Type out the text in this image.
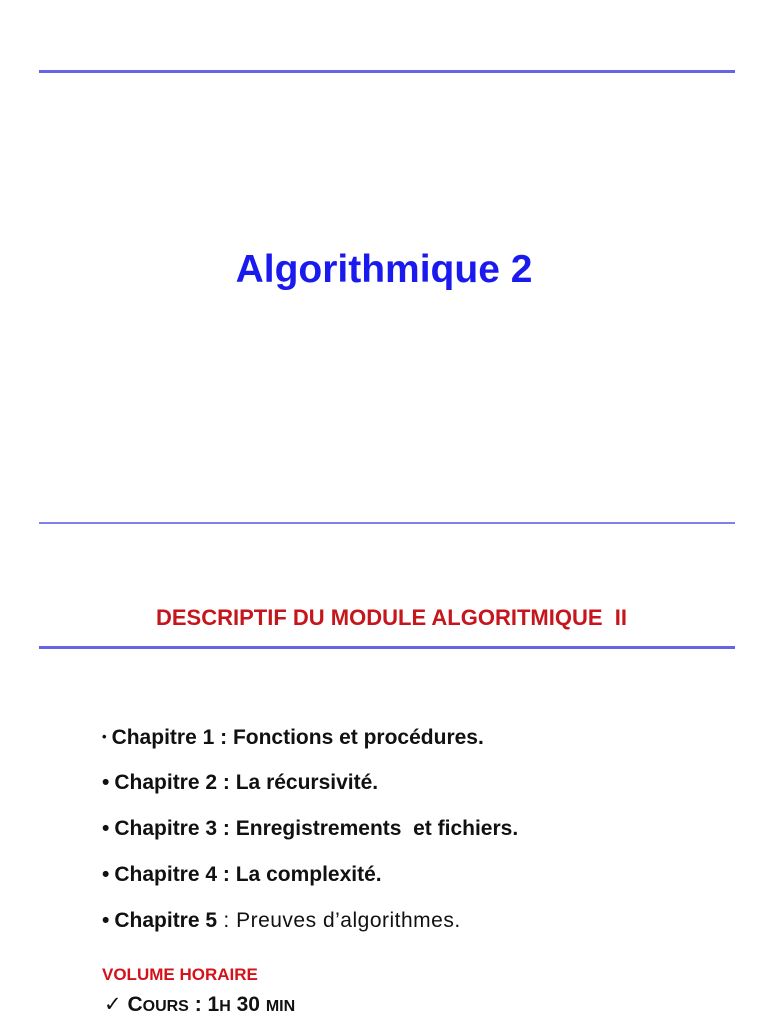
Algorithmique 2
DESCRIPTIF DU MODULE ALGORITMIQUE  II
• Chapitre 1 : Fonctions et procédures.
• Chapitre 2 : La récursivité.
• Chapitre 3 : Enregistrements  et fichiers.
• Chapitre 4 : La complexité.
• Chapitre 5 : Preuves d’algorithmes.
VOLUME HORAIRE
✓ COURS : 1H 30 MIN
